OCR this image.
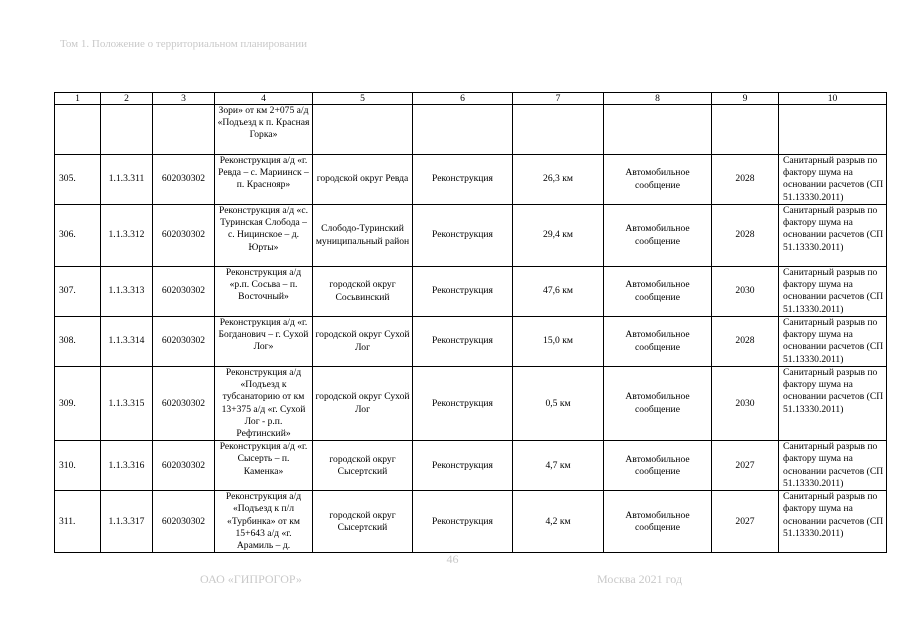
Том 1. Положение о территориальном планировании
1	2	3	4	5	6	7	8	9	10
			Зори» от км 2+075 а/д «Подъезд к п. Красная Горка»						
305.	1.1.3.311	602030302	Реконструкция а/д «г. Ревда – с. Мариинск – п. Краснояр»	городской округ Ревда	Реконструкция	26,3 км	Автомобильное сообщение	2028	Санитарный разрыв по фактору шума на основании расчетов (СП 51.13330.2011)
306.	1.1.3.312	602030302	Реконструкция а/д «с. Туринская Слобода – с. Ницинское – д. Юрты»	Слободо-Туринский муниципальный район	Реконструкция	29,4 км	Автомобильное сообщение	2028	Санитарный разрыв по фактору шума на основании расчетов (СП 51.13330.2011)
307.	1.1.3.313	602030302	Реконструкция а/д «р.п. Сосьва – п. Восточный»	городской округ Сосьвинский	Реконструкция	47,6 км	Автомобильное сообщение	2030	Санитарный разрыв по фактору шума на основании расчетов (СП 51.13330.2011)
308.	1.1.3.314	602030302	Реконструкция а/д «г. Богданович – г. Сухой Лог»	городской округ Сухой Лог	Реконструкция	15,0 км	Автомобильное сообщение	2028	Санитарный разрыв по фактору шума на основании расчетов (СП 51.13330.2011)
309.	1.1.3.315	602030302	Реконструкция а/д «Подъезд к тубсанаторию от км 13+375 а/д «г. Сухой Лог - р.п. Рефтинский»	городской округ Сухой Лог	Реконструкция	0,5 км	Автомобильное сообщение	2030	Санитарный разрыв по фактору шума на основании расчетов (СП 51.13330.2011)
310.	1.1.3.316	602030302	Реконструкция а/д «г. Сысерть – п. Каменка»	городской округ Сысертский	Реконструкция	4,7 км	Автомобильное сообщение	2027	Санитарный разрыв по фактору шума на основании расчетов (СП 51.13330.2011)
311.	1.1.3.317	602030302	Реконструкция а/д «Подъезд к п/л «Турбинка» от км 15+643 а/д «г. Арамиль – д.	городской округ Сысертский	Реконструкция	4,2 км	Автомобильное сообщение	2027	Санитарный разрыв по фактору шума на основании расчетов (СП 51.13330.2011)
46
ОАО «ГИПРОГОР»	Москва 2021 год
